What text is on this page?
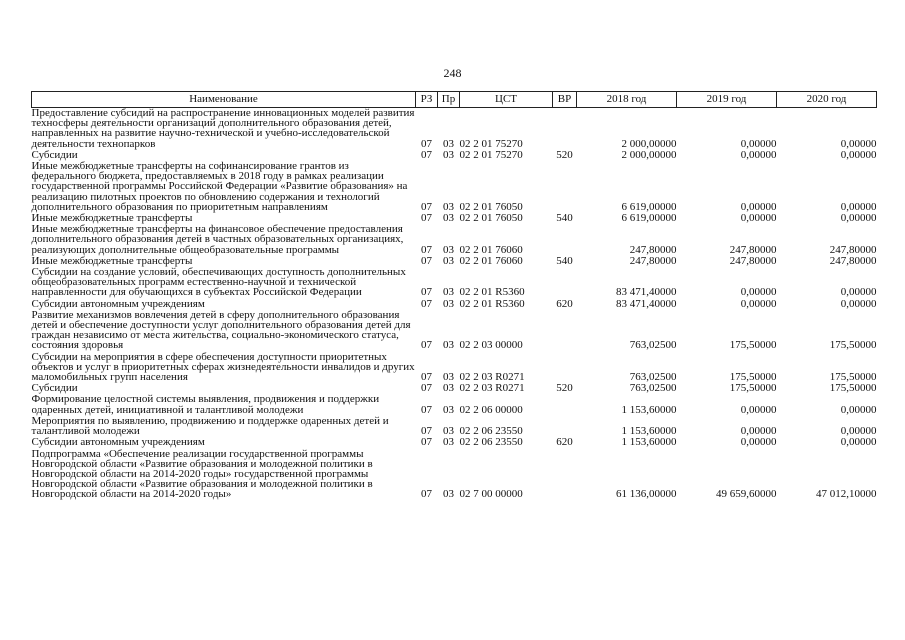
248
Наименование	РЗ	Пр	ЦСТ	ВР	2018 год	2019 год	2020 год
Предоставление субсидий на распространение инновационных моделей развития техносферы деятельности организаций дополнительного образования детей, направленных на развитие научно-технической и учебно-исследовательской деятельности технопарков	07	03	02 2 01 75270		2 000,00000	0,00000	0,00000
Субсидии	07	03	02 2 01 75270	520	2 000,00000	0,00000	0,00000
Иные межбюджетные трансферты на софинансирование грантов из федерального бюджета, предоставляемых в 2018 году в рамках реализации государственной программы Российской Федерации «Развитие образования» на реализацию пилотных проектов по обновлению содержания и технологий дополнительного образования по приоритетным направлениям	07	03	02 2 01 76050		6 619,00000	0,00000	0,00000
Иные межбюджетные трансферты	07	03	02 2 01 76050	540	6 619,00000	0,00000	0,00000
Иные межбюджетные трансферты на финансовое обеспечение предоставления дополнительного образования детей в частных образовательных организациях, реализующих дополнительные общеобразовательные программы	07	03	02 2 01 76060		247,80000	247,80000	247,80000
Иные межбюджетные трансферты	07	03	02 2 01 76060	540	247,80000	247,80000	247,80000
Субсидии на создание условий, обеспечивающих доступность дополнительных общеобразовательных программ естественно-научной и технической направленности для обучающихся в субъектах Российской Федерации	07	03	02 2 01 R5360		83 471,40000	0,00000	0,00000
Субсидии автономным учреждениям	07	03	02 2 01 R5360	620	83 471,40000	0,00000	0,00000
Развитие механизмов вовлечения детей в сферу дополнительного образования детей и обеспечение доступности услуг дополнительного образования детей для граждан независимо от места жительства, социально-экономического статуса, состояния здоровья	07	03	02 2 03 00000		763,02500	175,50000	175,50000
Субсидии на мероприятия в сфере обеспечения доступности приоритетных объектов и услуг в приоритетных сферах жизнедеятельности инвалидов и других маломобильных групп населения	07	03	02 2 03 R0271		763,02500	175,50000	175,50000
Субсидии	07	03	02 2 03 R0271	520	763,02500	175,50000	175,50000
Формирование целостной системы выявления, продвижения и поддержки одаренных детей, инициативной и талантливой молодежи	07	03	02 2 06 00000		1 153,60000	0,00000	0,00000
Мероприятия по выявлению, продвижению и поддержке одаренных детей и талантливой молодежи	07	03	02 2 06 23550		1 153,60000	0,00000	0,00000
Субсидии автономным учреждениям	07	03	02 2 06 23550	620	1 153,60000	0,00000	0,00000
Подпрограмма «Обеспечение реализации государственной программы Новгородской области «Развитие образования и молодежной политики в Новгородской области на 2014-2020 годы» государственной программы Новгородской области «Развитие образования и молодежной политики в Новгородской области на 2014-2020 годы»	07	03	02 7 00 00000		61 136,00000	49 659,60000	47 012,10000
